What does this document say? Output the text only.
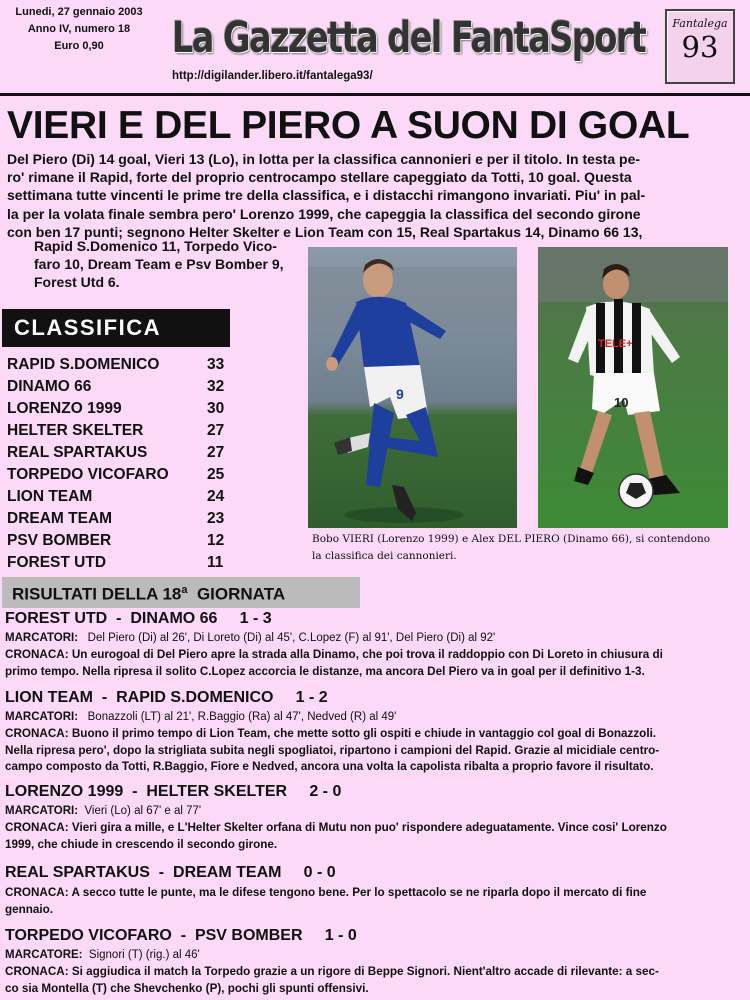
Lunedi, 27 gennaio 2003
Anno IV, numero 18
Euro 0,90	La Gazzetta del FantaSport
http://digilander.libero.it/fantalega93/
Fantalega
93
VIERI E DEL PIERO A SUON DI GOAL
Del Piero (Di) 14 goal, Vieri 13 (Lo), in lotta per la classifica cannonieri e per il titolo. In testa pe-
ro' rimane il Rapid, forte del proprio centrocampo stellare capeggiato da Totti, 10 goal. Questa
settimana tutte vincenti le prime tre della classifica, e i distacchi rimangono invariati. Piu' in pal-
la per la volata finale sembra pero' Lorenzo 1999, che capeggia la classifica del secondo girone
con ben 17 punti; segnono Helter Skelter e Lion Team con 15, Real Spartakus 14, Dinamo 66 13,
Rapid S.Domenico 11, Torpedo Vico-
faro 10, Dream Team e Psv Bomber 9,
Forest Utd 6.
CLASSIFICA
RAPID S.DOMENICO	33
DINAMO 66	32
LORENZO 1999	30
HELTER SKELTER	27
REAL SPARTAKUS	27
TORPEDO VICOFARO 25
LION TEAM	24
DREAM TEAM	23
PSV BOMBER	12
FOREST UTD	11
9
TELE+
10
Bobo VIERI (Lorenzo 1999) e Alex DEL PIERO (Dinamo 66), si contendono
la classifica dei cannonieri.
RISULTATI DELLA 18$^a$ GIORNATA
FOREST UTD  -  DINAMO 66     1 - 3
MARCATORI: Del Piero (Di) al 26', Di Loreto (Di) al 45', C.Lopez (F) al 91', Del Piero (Di) al 92'
CRONACA: Un eurogoal di Del Piero apre la strada alla Dinamo, che poi trova il raddoppio con Di Loreto in chiusura di
primo tempo. Nella ripresa il solito C.Lopez accorcia le distanze, ma ancora Del Piero va in goal per il definitivo 1-3.
LION TEAM  -  RAPID S.DOMENICO     1 - 2
MARCATORI: Bonazzoli (LT) al 21', R.Baggio (Ra) al 47', Nedved (R) al 49'
CRONACA: Buono il primo tempo di Lion Team, che mette sotto gli ospiti e chiude in vantaggio col goal di Bonazzoli.
Nella ripresa pero', dopo la strigliata subita negli spogliatoi, ripartono i campioni del Rapid. Grazie al micidiale centro-
campo composto da Totti, R.Baggio, Fiore e Nedved, ancora una volta la capolista ribalta a proprio favore il risultato.
LORENZO 1999  -  HELTER SKELTER     2 - 0
MARCATORI: Vieri (Lo) al 67' e al 77'
CRONACA: Vieri gira a mille, e L'Helter Skelter orfana di Mutu non puo' rispondere adeguatamente. Vince cosi' Lorenzo
1999, che chiude in crescendo il secondo girone.
REAL SPARTAKUS  -  DREAM TEAM     0 - 0
CRONACA: A secco tutte le punte, ma le difese tengono bene. Per lo spettacolo se ne riparla dopo il mercato di fine
gennaio.
TORPEDO VICOFARO  -  PSV BOMBER     1 - 0
MARCATORE: Signori (T) (rig.) al 46'
CRONACA: Si aggiudica il match la Torpedo grazie a un rigore di Beppe Signori. Nient'altro accade di rilevante: a sec-
co sia Montella (T) che Shevchenko (P), pochi gli spunti offensivi.
